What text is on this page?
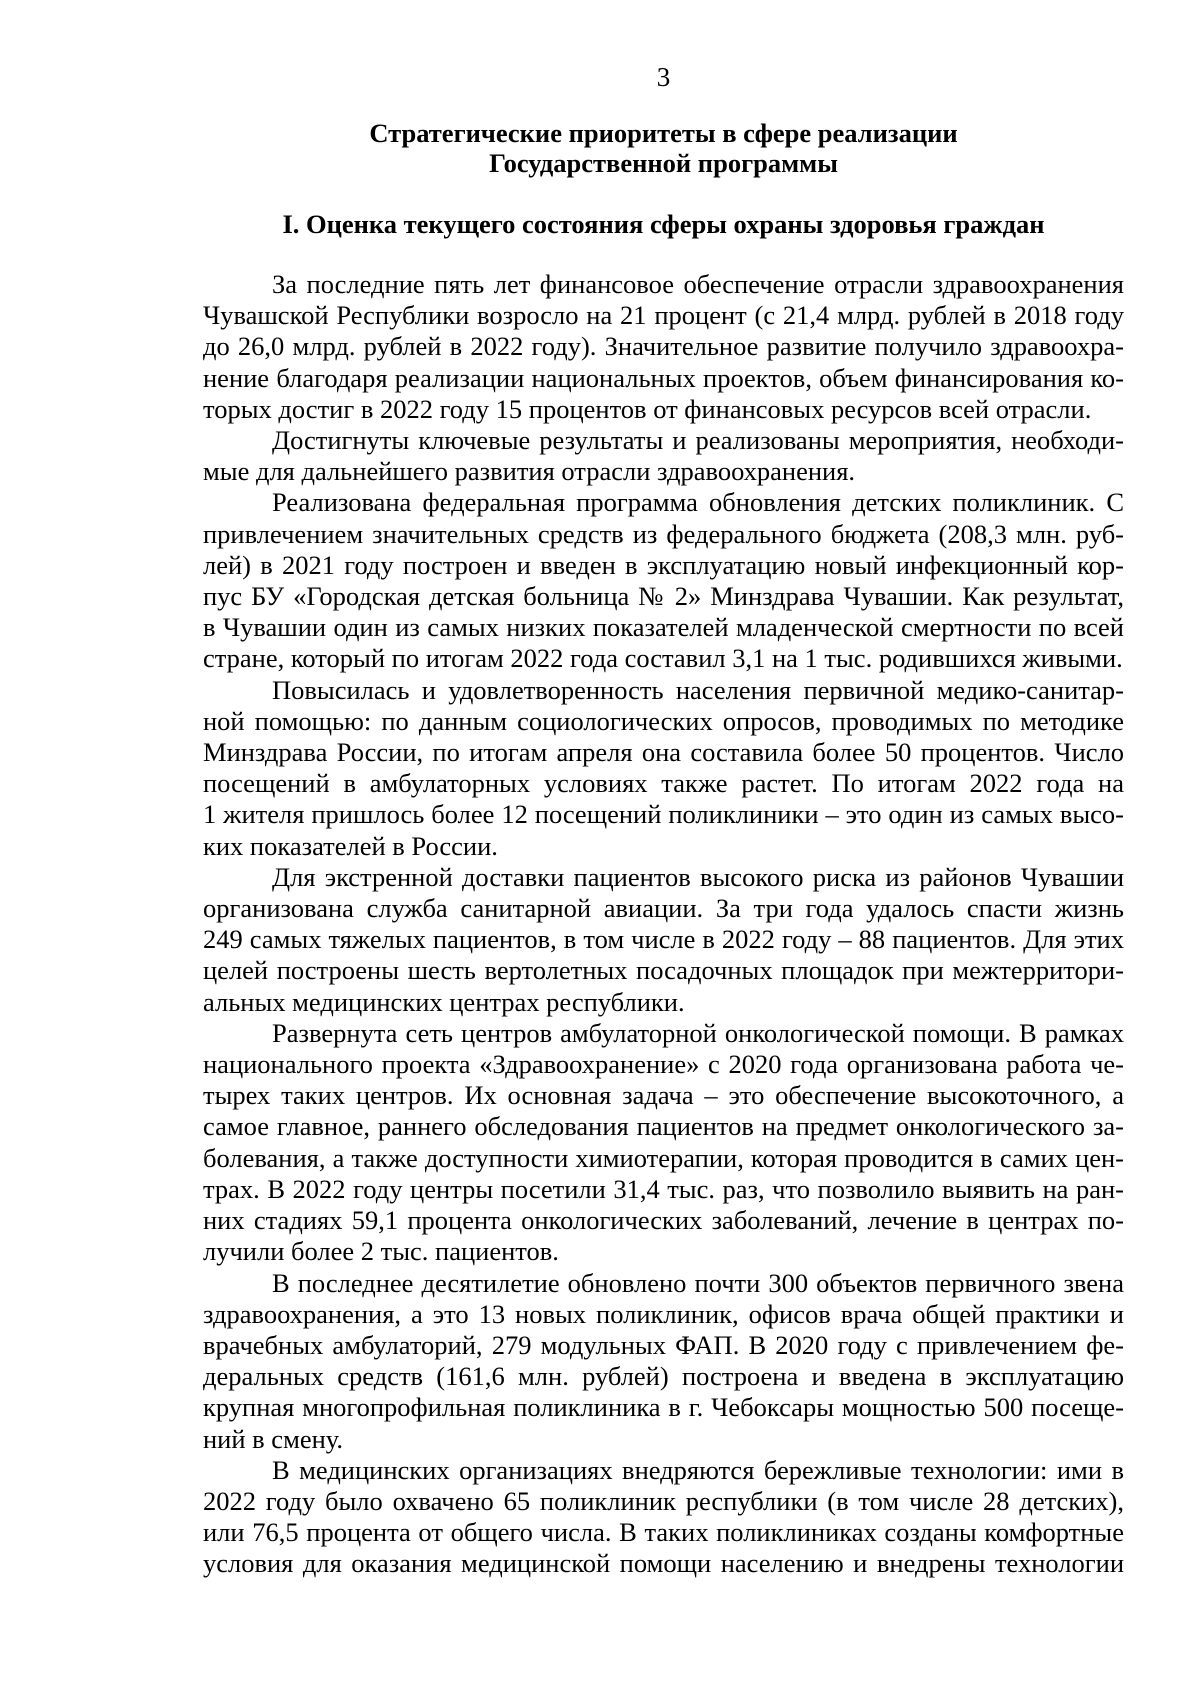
3
Стратегические приоритеты в сфере реализации
Государственной программы
I. Оценка текущего состояния сферы охраны здоровья граждан

За последние пять лет финансовое обеспечение отрасли здравоохранения
Чувашской Республики возросло на 21 процент (с 21,4 млрд. рублей в 2018 году
до 26,0 млрд. рублей в 2022 году). Значительное развитие получило здравоохра-
нение благодаря реализации национальных проектов, объем финансирования ко-
торых достиг в 2022 году 15 процентов от финансовых ресурсов всей отрасли.

Достигнуты ключевые результаты и реализованы мероприятия, необходи-
мые для дальнейшего развития отрасли здравоохранения.

Реализована федеральная программа обновления детских поликлиник. С
привлечением значительных средств из федерального бюджета (208,3 млн. руб-
лей) в 2021 году построен и введен в эксплуатацию новый инфекционный кор-
пус БУ «Городская детская больница № 2» Минздрава Чувашии. Как результат,
в Чувашии один из самых низких показателей младенческой смертности по всей
стране, который по итогам 2022 года составил 3,1 на 1 тыс. родившихся живыми.

Повысилась и удовлетворенность населения первичной медико-санитар-
ной помощью: по данным социологических опросов, проводимых по методике
Минздрава России, по итогам апреля она составила более 50 процентов. Число
посещений в амбулаторных условиях также растет. По итогам 2022 года на
1 жителя пришлось более 12 посещений поликлиники – это один из самых высо-
ких показателей в России.

Для экстренной доставки пациентов высокого риска из районов Чувашии
организована служба санитарной авиации. За три года удалось спасти жизнь
249 самых тяжелых пациентов, в том числе в 2022 году – 88 пациентов. Для этих
целей построены шесть вертолетных посадочных площадок при межтерритори-
альных медицинских центрах республики.

Развернута сеть центров амбулаторной онкологической помощи. В рамках
национального проекта «Здравоохранение» с 2020 года организована работа че-
тырех таких центров. Их основная задача – это обеспечение высокоточного, а
самое главное, раннего обследования пациентов на предмет онкологического за-
болевания, а также доступности химиотерапии, которая проводится в самих цен-
трах. В 2022 году центры посетили 31,4 тыс. раз, что позволило выявить на ран-
них стадиях 59,1 процента онкологических заболеваний, лечение в центрах по-
лучили более 2 тыс. пациентов.

В последнее десятилетие обновлено почти 300 объектов первичного звена
здравоохранения, а это 13 новых поликлиник, офисов врача общей практики и
врачебных амбулаторий, 279 модульных ФАП. В 2020 году с привлечением фе-
деральных средств (161,6 млн. рублей) построена и введена в эксплуатацию
крупная многопрофильная поликлиника в г. Чебоксары мощностью 500 посеще-
ний в смену.

В медицинских организациях внедряются бережливые технологии: ими в
2022 году было охвачено 65 поликлиник республики (в том числе 28 детских),
или 76,5 процента от общего числа. В таких поликлиниках созданы комфортные
условия для оказания медицинской помощи населению и внедрены технологии
